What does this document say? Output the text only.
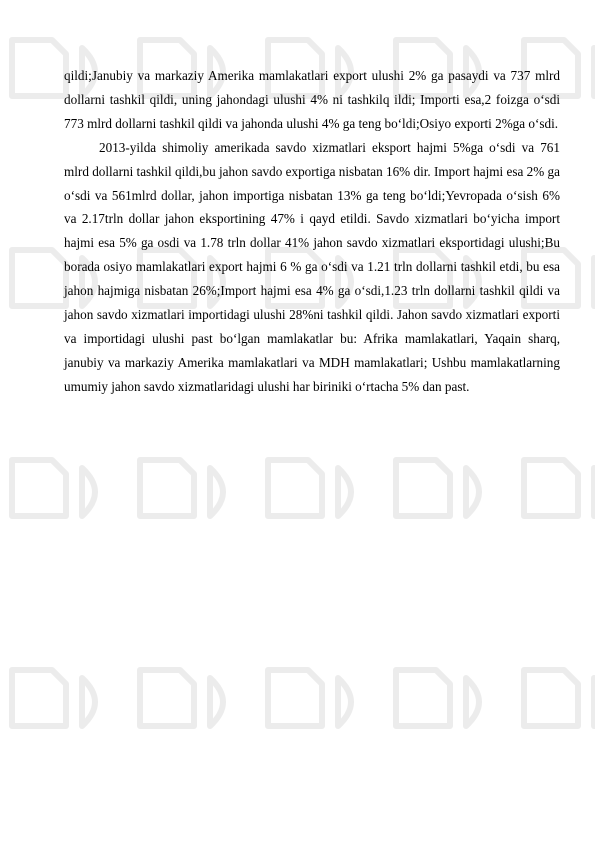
qildi;Janubiy va markaziy Amerika mamlakatlari export ulushi 2% ga pasaydi va 737 mlrd dollarni tashkil qildi, uning jahondagi ulushi 4% ni tashkilq ildi; Importi esa,2 foizga o‘sdi 773 mlrd dollarni tashkil qildi va jahonda ulushi 4% ga teng bo‘ldi;Osiyo exporti 2%ga o‘sdi.

2013-yilda shimoliy amerikada savdo xizmatlari eksport hajmi 5%ga o‘sdi va 761 mlrd dollarni tashkil qildi,bu jahon savdo exportiga nisbatan 16% dir. Import hajmi esa 2% ga o‘sdi va 561mlrd dollar, jahon importiga nisbatan 13% ga teng bo‘ldi;Yevropada o‘sish 6% va 2.17trln dollar jahon eksportining 47% i qayd etildi. Savdo xizmatlari bo‘yicha import hajmi esa 5% ga osdi va 1.78 trln dollar 41% jahon savdo xizmatlari eksportidagi ulushi;Bu borada osiyo mamlakatlari export hajmi 6 % ga o‘sdi va 1.21 trln dollarni tashkil etdi, bu esa jahon hajmiga nisbatan 26%;Import hajmi esa 4% ga o‘sdi,1.23 trln dollarni tashkil qildi va jahon savdo xizmatlari importidagi ulushi 28%ni tashkil qildi. Jahon savdo xizmatlari exporti va importidagi ulushi past bo‘lgan mamlakatlar bu: Afrika mamlakatlari, Yaqain sharq, janubiy va markaziy Amerika mamlakatlari va MDH mamlakatlari; Ushbu mamlakatlarning umumiy jahon savdo xizmatlaridagi ulushi har biriniki o‘rtacha 5% dan past.
